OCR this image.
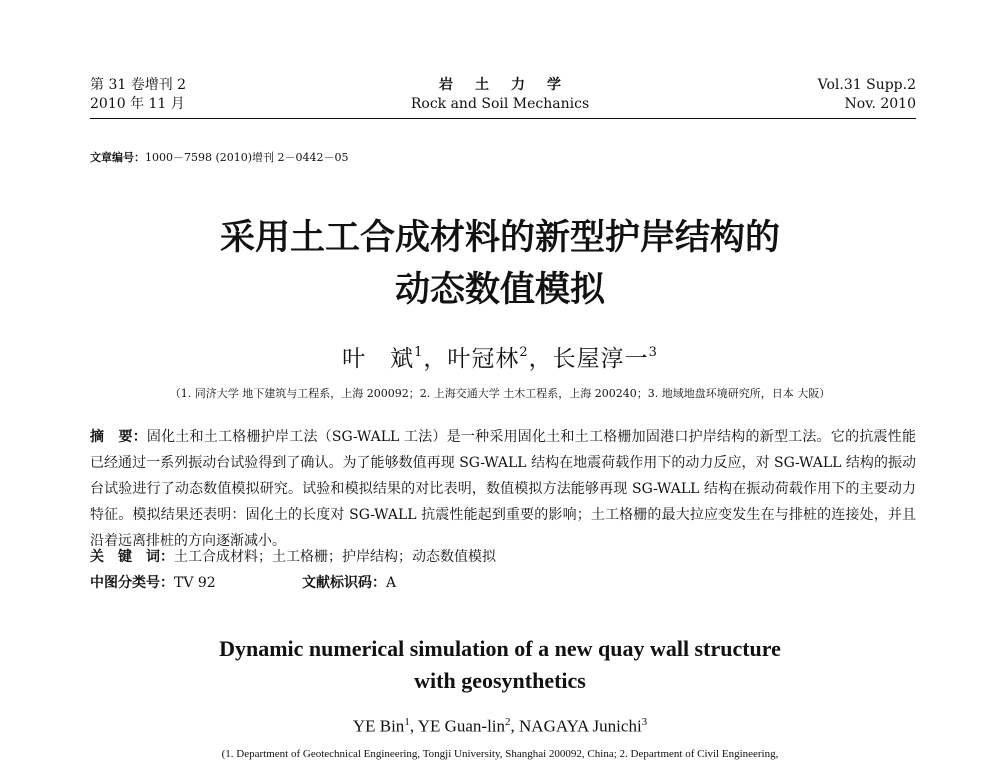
第 31 卷增刊 2
2010 年 11 月
岩土力学
Rock and Soil Mechanics
Vol.31 Supp.2
Nov. 2010
文章编号：1000－7598 (2010)增刊 2－0442－05
采用土工合成材料的新型护岸结构的
动态数值模拟
叶　斌$^1$，叶冠林$^2$，长屋淳一$^3$
（1. 同济大学 地下建筑与工程系，上海 200092；2. 上海交通大学 土木工程系，上海 200240；3. 地域地盘环境研究所，日本 大阪）
摘　要：固化土和土工格栅护岸工法（SG-WALL 工法）是一种采用固化土和土工格栅加固港口护岸结构的新型工法。它的抗震性能已经通过一系列振动台试验得到了确认。为了能够数值再现 SG-WALL 结构在地震荷载作用下的动力反应，对 SG-WALL 结构的振动台试验进行了动态数值模拟研究。试验和模拟结果的对比表明，数值模拟方法能够再现 SG-WALL 结构在振动荷载作用下的主要动力特征。模拟结果还表明：固化土的长度对 SG-WALL 抗震性能起到重要的影响；土工格栅的最大拉应变发生在与排桩的连接处，并且沿着远离排桩的方向逐渐减小。
关　键　词：土工合成材料；土工格栅；护岸结构；动态数值模拟
中图分类号：TV 92	文献标识码：A
Dynamic numerical simulation of a new quay wall structure
with geosynthetics
YE Bin$^1$, YE Guan-lin$^2$, NAGAYA Junichi$^3$
(1. Department of Geotechnical Engineering, Tongji University, Shanghai 200092, China; 2. Department of Civil Engineering,
